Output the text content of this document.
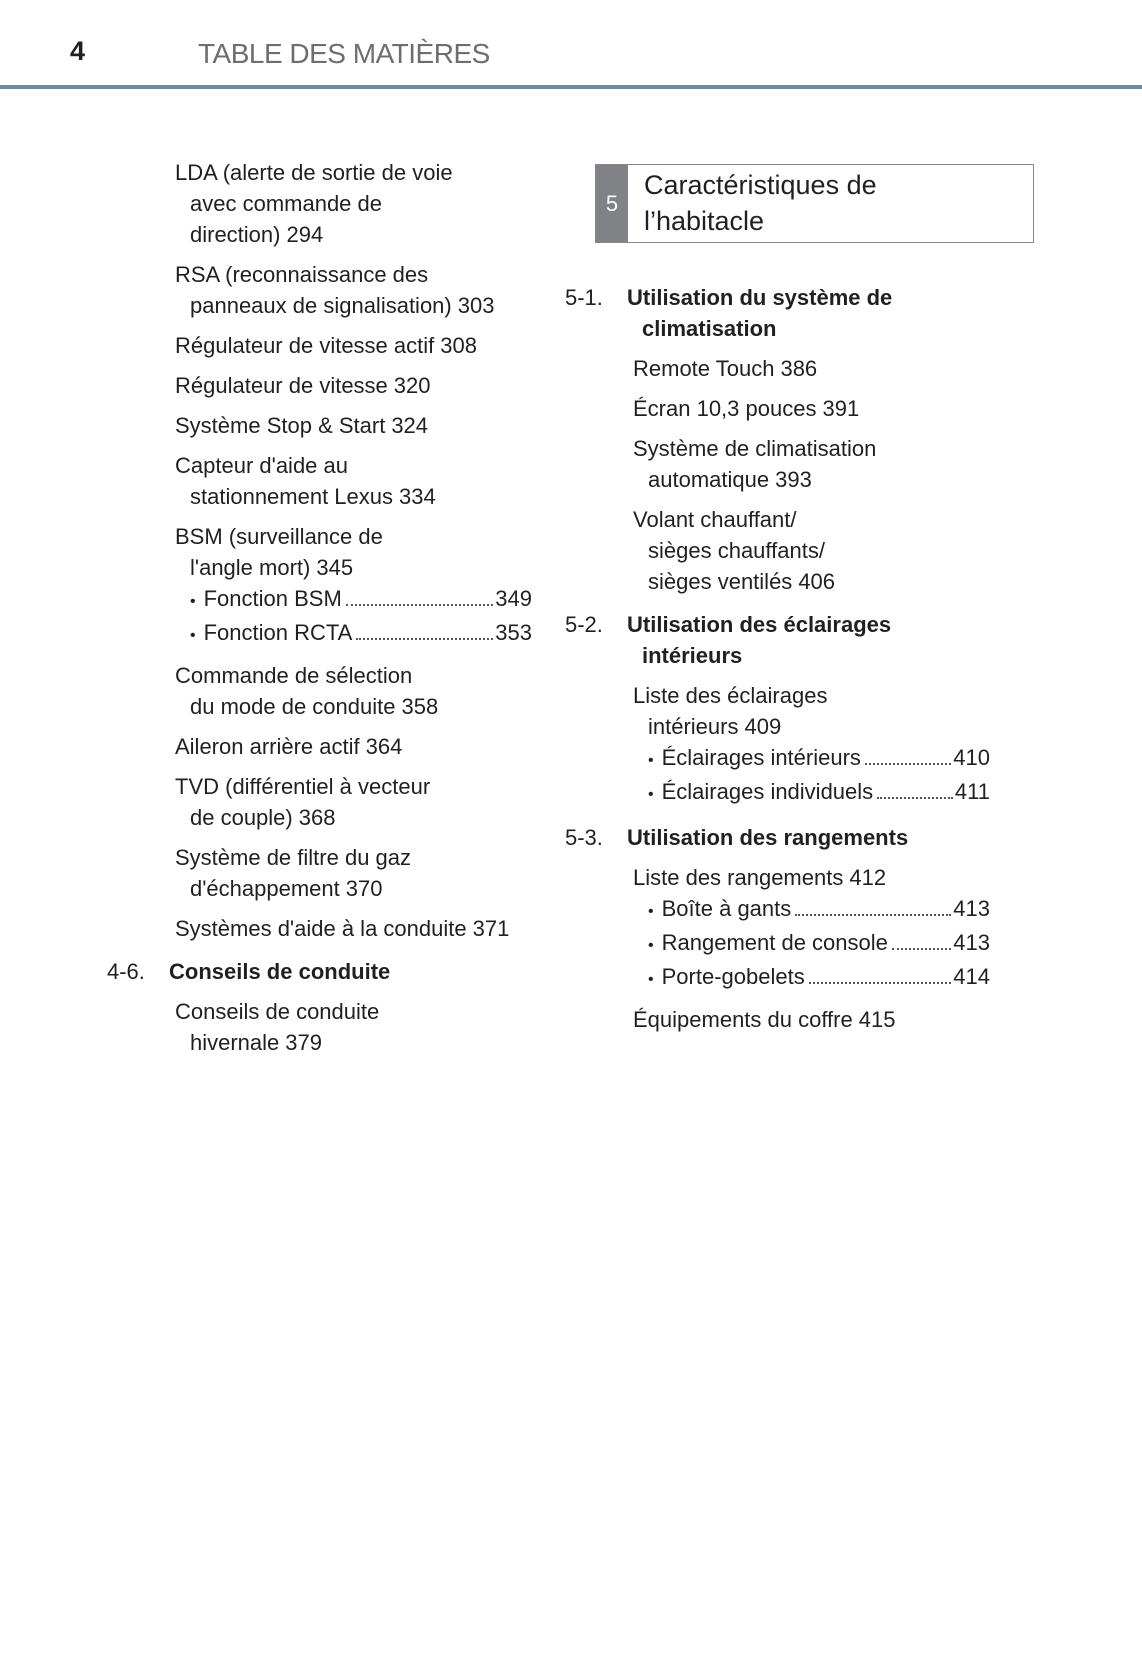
4	TABLE DES MATIÈRES
5
Caractéristiques de
l’habitacle
LDA (alerte de sortie de voie
avec commande de
direction) 294
RSA (reconnaissance des
panneaux de signalisation) 303
Régulateur de vitesse actif 308
Régulateur de vitesse 320
Système Stop & Start 324
Capteur d'aide au
stationnement Lexus 334
BSM (surveillance de
l'angle mort) 345
• Fonction BSM	349
• Fonction RCTA	353
Commande de sélection
du mode de conduite 358
Aileron arrière actif 364
TVD (différentiel à vecteur
de couple) 368
Système de filtre du gaz
d'échappement 370
Systèmes d'aide à la conduite 371
4-6.	Conseils de conduite
Conseils de conduite
hivernale 379
5-1.	Utilisation du système de
climatisation
Remote Touch 386
Écran 10,3 pouces 391
Système de climatisation
automatique 393
Volant chauffant/
sièges chauffants/
sièges ventilés 406
5-2.	Utilisation des éclairages
intérieurs
Liste des éclairages
intérieurs 409
• Éclairages intérieurs	410
• Éclairages individuels	411
5-3.	Utilisation des rangements
Liste des rangements 412
• Boîte à gants	413
• Rangement de console	413
• Porte-gobelets	414
Équipements du coffre 415
